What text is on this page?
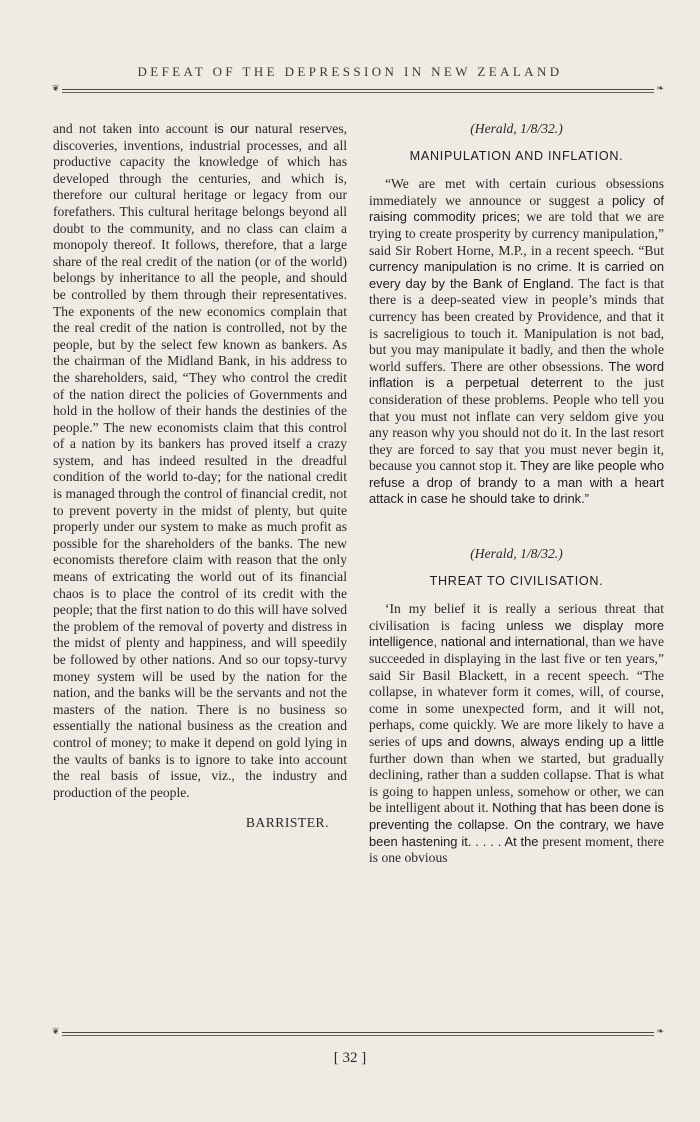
DEFEAT OF THE DEPRESSION IN NEW ZEALAND
❦	❧

and not taken into account is our natural reserves, discoveries, inventions, industrial processes, and all productive capacity the knowledge of which has developed through the centuries, and which is, therefore our cultural heritage or legacy from our forefathers. This cultural heritage belongs beyond all doubt to the community, and no class can claim a monopoly thereof. It follows, therefore, that a large share of the real credit of the nation (or of the world) belongs by inheritance to all the people, and should be controlled by them through their representatives. The exponents of the new economics complain that the real credit of the nation is controlled, not by the people, but by the select few known as bankers. As the chairman of the Midland Bank, in his address to the shareholders, said, “They who control the credit of the nation direct the policies of Governments and hold in the hollow of their hands the destinies of the people.” The new economists claim that this control of a nation by its bankers has proved itself a crazy system, and has indeed resulted in the dreadful condition of the world to-day; for the national credit is managed through the control of financial credit, not to prevent poverty in the midst of plenty, but quite properly under our system to make as much profit as possible for the shareholders of the banks. The new economists therefore claim with reason that the only means of extricating the world out of its financial chaos is to place the control of its credit with the people; that the first nation to do this will have solved the problem of the removal of poverty and distress in the midst of plenty and happiness, and will speedily be followed by other nations. And so our topsy-turvy money system will be used by the nation for the nation, and the banks will be the servants and not the masters of the nation. There is no business so essentially the national business as the creation and control of money; to make it depend on gold lying in the vaults of banks is to ignore to take into account the real basis of issue, viz., the industry and production of the people.

BARRISTER.
(Herald, 1/8/32.)
MANIPULATION AND INFLATION.

“We are met with certain curious obsessions immediately we announce or suggest a policy of raising commodity prices; we are told that we are trying to create prosperity by currency manipulation,” said Sir Robert Horne, M.P., in a recent speech. “But currency manipulation is no crime. It is carried on every day by the Bank of England. The fact is that there is a deep-seated view in people’s minds that currency has been created by Providence, and that it is sacreligious to touch it. Manipulation is not bad, but you may manipulate it badly, and then the whole world suffers. There are other obsessions. The word inflation is a perpetual deterrent to the just consideration of these problems. People who tell you that you must not inflate can very seldom give you any reason why you should not do it. In the last resort they are forced to say that you must never begin it, because you cannot stop it. They are like people who refuse a drop of brandy to a man with a heart attack in case he should take to drink.”

(Herald, 1/8/32.)
THREAT TO CIVILISATION.

‘In my belief it is really a serious threat that civilisation is facing unless we display more intelligence, national and international, than we have succeeded in displaying in the last five or ten years,” said Sir Basil Blackett, in a recent speech. “The collapse, in whatever form it comes, will, of course, come in some unexpected form, and it will not, perhaps, come quickly. We are more likely to have a series of ups and downs, always ending up a little further down than when we started, but gradually declining, rather than a sudden collapse. That is what is going to happen unless, somehow or other, we can be intelligent about it. Nothing that has been done is preventing the collapse. On the contrary, we have been hastening it. . . . . At the present moment, there is one obvious

❦	❧
[ 32 ]
